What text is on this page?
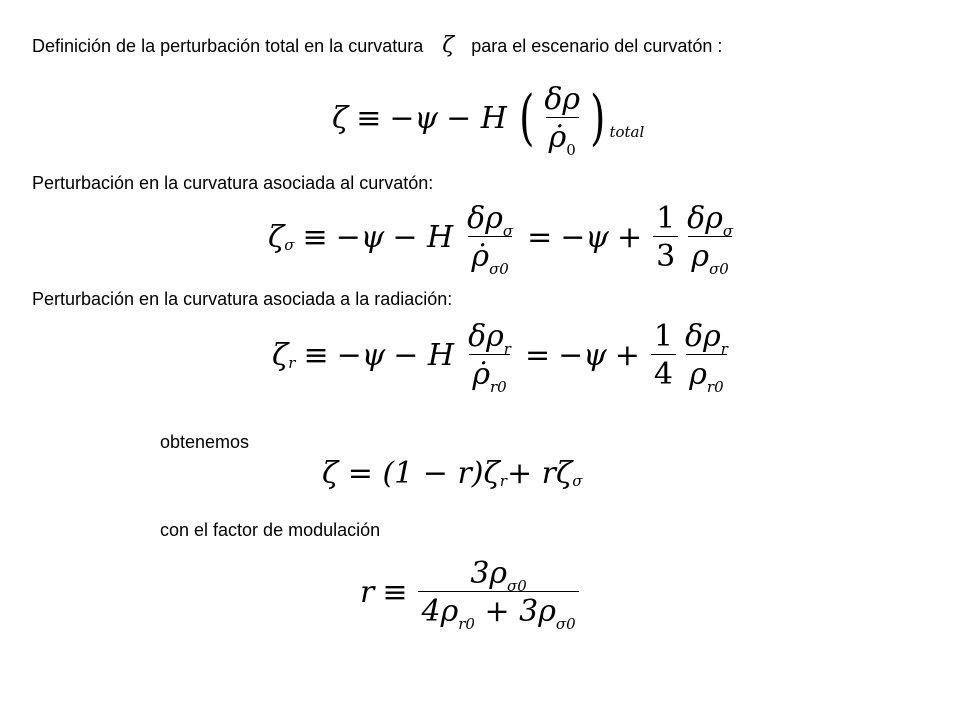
Definición de la perturbación total en la curvatura ζ para el escenario del curvatón :
ζ ≡ −ψ − H ( $\frac{\delta\rho}{\rhȯ_0}$ ) total
Perturbación en la curvatura asociada al curvatón:
ζ σ ≡ −ψ − H $\frac{\delta\rho_\sigma}{\rhȯ_{\sigma 0}} = -\psi + \frac{1}{3} \frac{\delta\rho_\sigma}{\rho_{\sigma 0}}$
Perturbación en la curvatura asociada a la radiación:
ζ r ≡ −ψ − H $\frac{\delta\rho_r}{\rhȯ_{r0}} = -\psi + \frac{1}{4} \frac{\delta\rho_r}{\rho_{r0}}$
obtenemos
ζ = (1 − r)ζ r + rζ σ
con el factor de modulación
$r \equiv \frac{3\rho_{\sigma 0}}{4\rho_{r0} + 3\rho_{\sigma 0}}$
